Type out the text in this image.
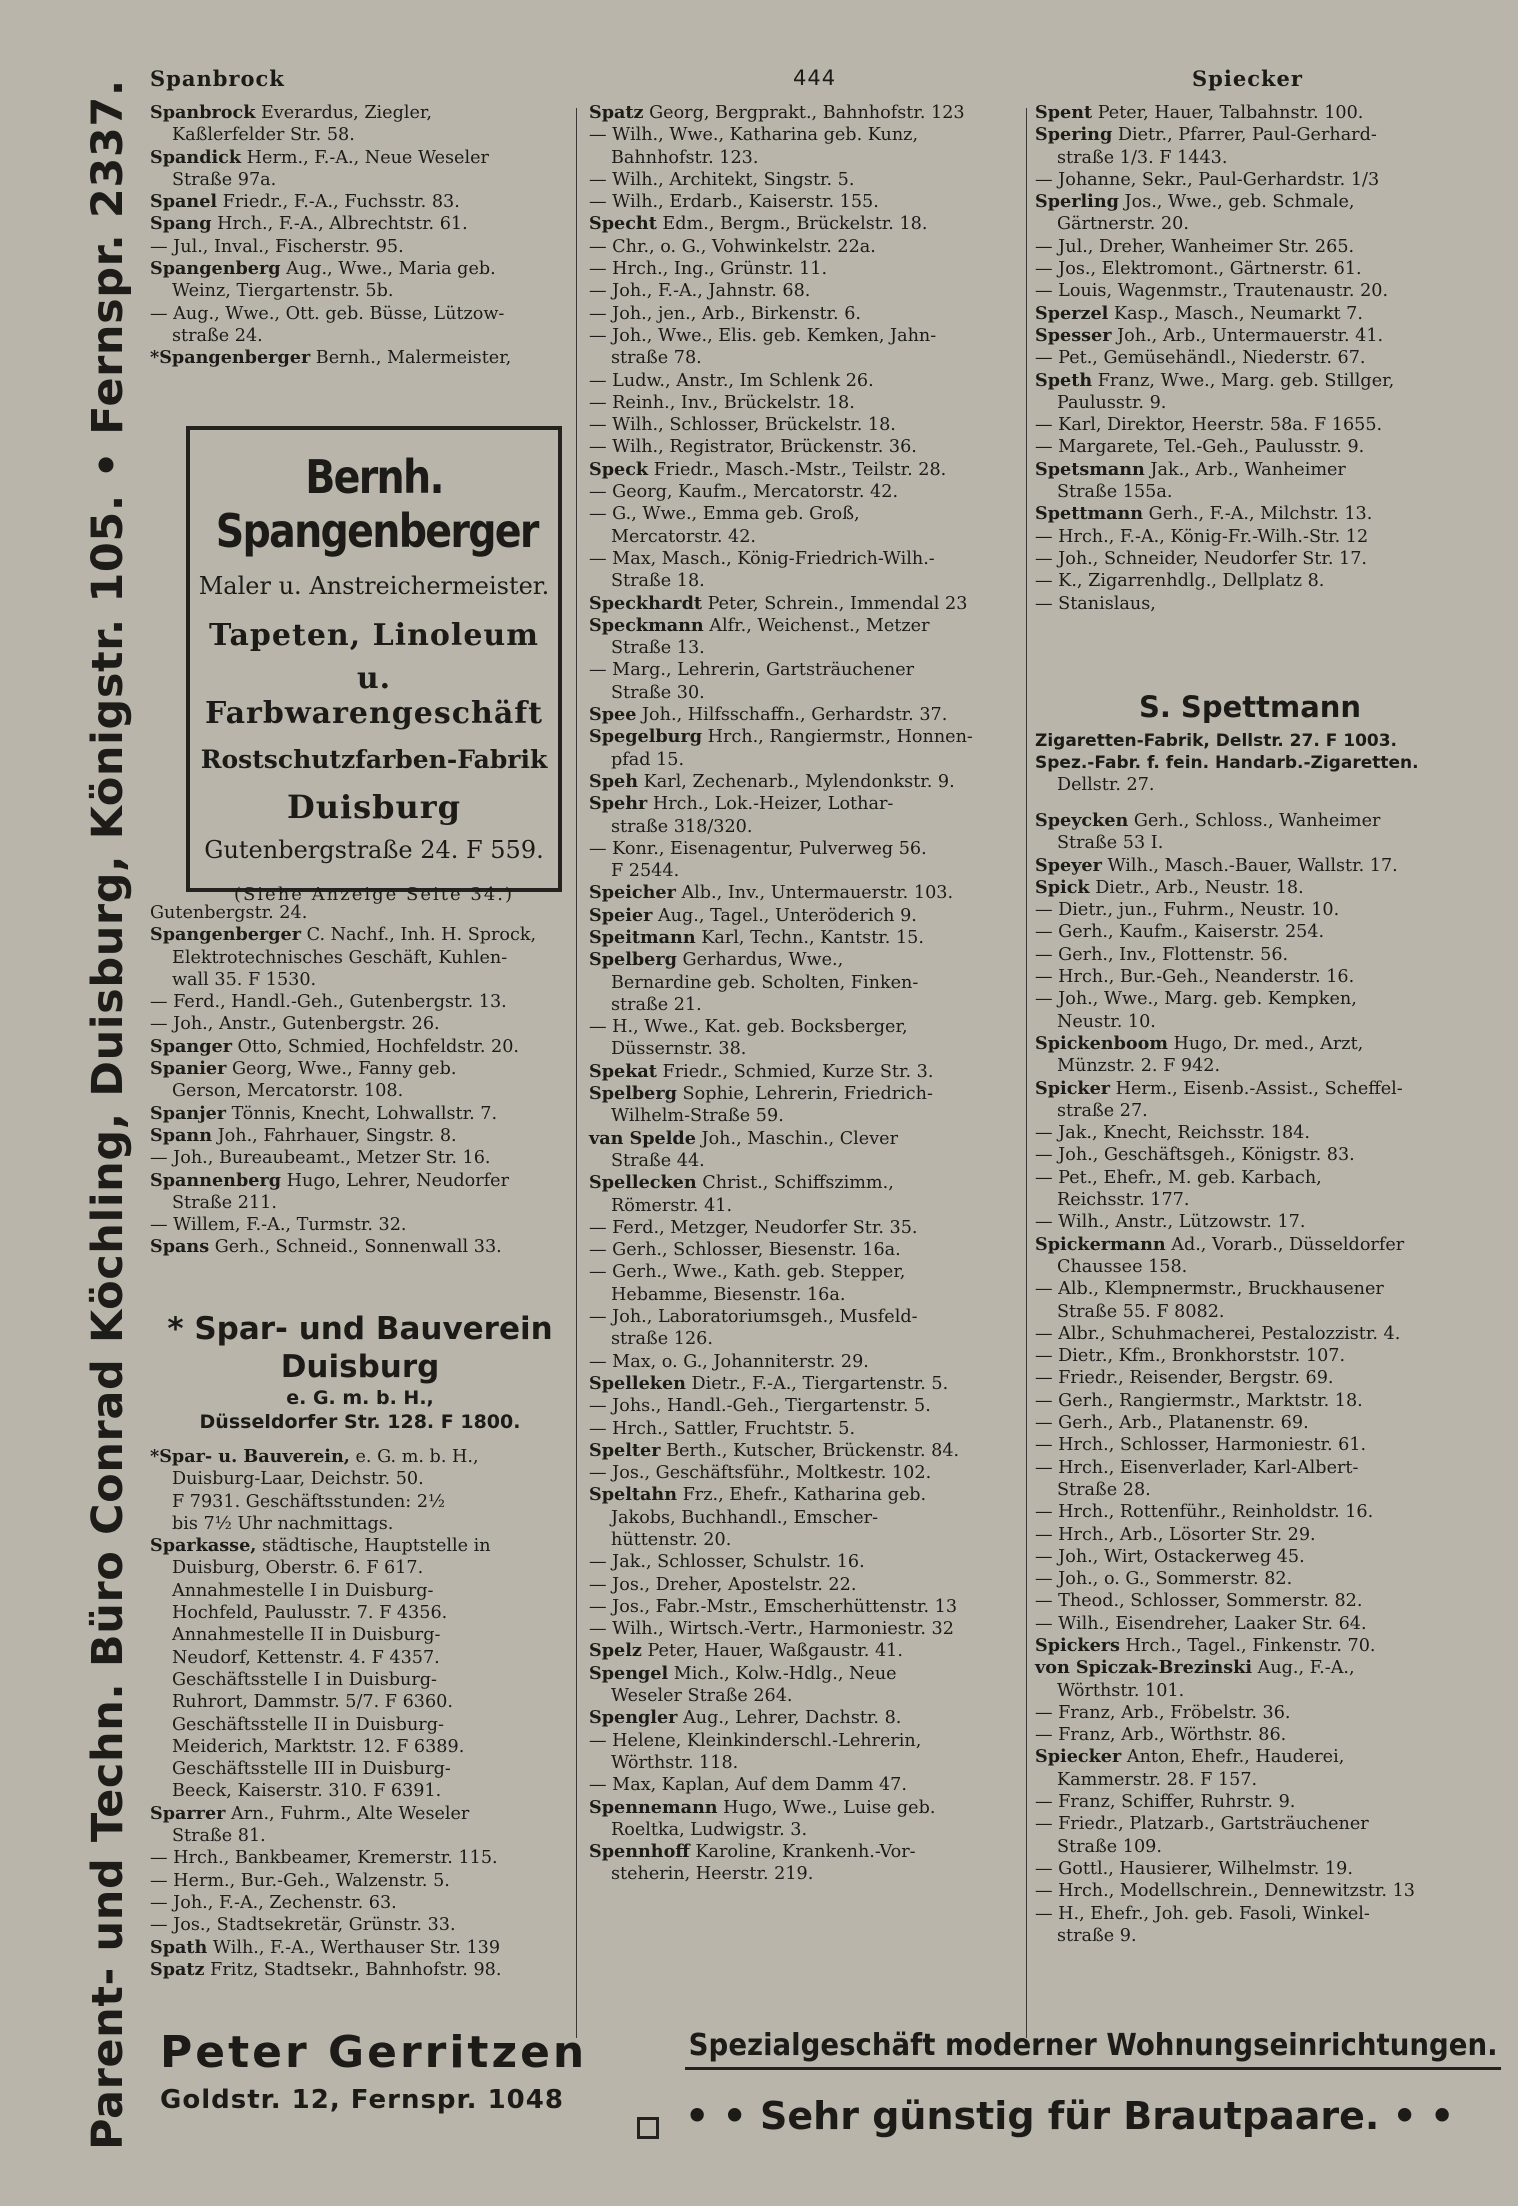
Parent- und Techn. Büro Conrad Köchling, Duisburg, Königstr. 105. • Fernspr. 2337.
Spanbrock	444	Spiecker
Spanbrock Everardus, Ziegler,
Kaßlerfelder Str. 58.
Spandick Herm., F.-A., Neue Weseler
Straße 97a.
Spanel Friedr., F.-A., Fuchsstr. 83.
Spang Hrch., F.-A., Albrechtstr. 61.
— Jul., Inval., Fischerstr. 95.
Spangenberg Aug., Wwe., Maria geb.
Weinz, Tiergartenstr. 5b.
— Aug., Wwe., Ott. geb. Büsse, Lützow-
straße 24.
*Spangenberger Bernh., Malermeister,
Bernh. Spangenberger
Maler u. Anstreichermeister.
Tapeten, Linoleum
u. Farbwarengeschäft
Rostschutzfarben-Fabrik
Duisburg
Gutenbergstraße 24. F 559.
(Siehe Anzeige Seite 34.)
Gutenbergstr. 24.
Spangenberger C. Nachf., Inh. H. Sprock,
Elektrotechnisches Geschäft, Kuhlen-
wall 35. F 1530.
— Ferd., Handl.-Geh., Gutenbergstr. 13.
— Joh., Anstr., Gutenbergstr. 26.
Spanger Otto, Schmied, Hochfeldstr. 20.
Spanier Georg, Wwe., Fanny geb.
Gerson, Mercatorstr. 108.
Spanjer Tönnis, Knecht, Lohwallstr. 7.
Spann Joh., Fahrhauer, Singstr. 8.
— Joh., Bureaubeamt., Metzer Str. 16.
Spannenberg Hugo, Lehrer, Neudorfer
Straße 211.
— Willem, F.-A., Turmstr. 32.
Spans Gerh., Schneid., Sonnenwall 33.
* Spar- und Bauverein
Duisburg
e. G. m. b. H.,
Düsseldorfer Str. 128. F 1800.
*Spar- u. Bauverein, e. G. m. b. H.,
Duisburg-Laar, Deichstr. 50.
F 7931. Geschäftsstunden: 2½
bis 7½ Uhr nachmittags.
Sparkasse, städtische, Hauptstelle in
Duisburg, Oberstr. 6. F 617.
Annahmestelle I in Duisburg-
Hochfeld, Paulusstr. 7. F 4356.
Annahmestelle II in Duisburg-
Neudorf, Kettenstr. 4. F 4357.
Geschäftsstelle I in Duisburg-
Ruhrort, Dammstr. 5/7. F 6360.
Geschäftsstelle II in Duisburg-
Meiderich, Marktstr. 12. F 6389.
Geschäftsstelle III in Duisburg-
Beeck, Kaiserstr. 310. F 6391.
Sparrer Arn., Fuhrm., Alte Weseler
Straße 81.
— Hrch., Bankbeamer, Kremerstr. 115.
— Herm., Bur.-Geh., Walzenstr. 5.
— Joh., F.-A., Zechenstr. 63.
— Jos., Stadtsekretär, Grünstr. 33.
Spath Wilh., F.-A., Werthauser Str. 139
Spatz Fritz, Stadtsekr., Bahnhofstr. 98.
Spatz Georg, Bergprakt., Bahnhofstr. 123
— Wilh., Wwe., Katharina geb. Kunz,
Bahnhofstr. 123.
— Wilh., Architekt, Singstr. 5.
— Wilh., Erdarb., Kaiserstr. 155.
Specht Edm., Bergm., Brückelstr. 18.
— Chr., o. G., Vohwinkelstr. 22a.
— Hrch., Ing., Grünstr. 11.
— Joh., F.-A., Jahnstr. 68.
— Joh., jen., Arb., Birkenstr. 6.
— Joh., Wwe., Elis. geb. Kemken, Jahn-
straße 78.
— Ludw., Anstr., Im Schlenk 26.
— Reinh., Inv., Brückelstr. 18.
— Wilh., Schlosser, Brückelstr. 18.
— Wilh., Registrator, Brückenstr. 36.
Speck Friedr., Masch.-Mstr., Teilstr. 28.
— Georg, Kaufm., Mercatorstr. 42.
— G., Wwe., Emma geb. Groß,
Mercatorstr. 42.
— Max, Masch., König-Friedrich-Wilh.-
Straße 18.
Speckhardt Peter, Schrein., Immendal 23
Speckmann Alfr., Weichenst., Metzer
Straße 13.
— Marg., Lehrerin, Gartsträuchener
Straße 30.
Spee Joh., Hilfsschaffn., Gerhardstr. 37.
Spegelburg Hrch., Rangiermstr., Honnen-
pfad 15.
Speh Karl, Zechenarb., Mylendonkstr. 9.
Spehr Hrch., Lok.-Heizer, Lothar-
straße 318/320.
— Konr., Eisenagentur, Pulverweg 56.
F 2544.
Speicher Alb., Inv., Untermauerstr. 103.
Speier Aug., Tagel., Unteröderich 9.
Speitmann Karl, Techn., Kantstr. 15.
Spelberg Gerhardus, Wwe.,
Bernardine geb. Scholten, Finken-
straße 21.
— H., Wwe., Kat. geb. Bocksberger,
Düssernstr. 38.
Spekat Friedr., Schmied, Kurze Str. 3.
Spelberg Sophie, Lehrerin, Friedrich-
Wilhelm-Straße 59.
van Spelde Joh., Maschin., Clever
Straße 44.
Spellecken Christ., Schiffszimm.,
Römerstr. 41.
— Ferd., Metzger, Neudorfer Str. 35.
— Gerh., Schlosser, Biesenstr. 16a.
— Gerh., Wwe., Kath. geb. Stepper,
Hebamme, Biesenstr. 16a.
— Joh., Laboratoriumsgeh., Musfeld-
straße 126.
— Max, o. G., Johanniterstr. 29.
Spelleken Dietr., F.-A., Tiergartenstr. 5.
— Johs., Handl.-Geh., Tiergartenstr. 5.
— Hrch., Sattler, Fruchtstr. 5.
Spelter Berth., Kutscher, Brückenstr. 84.
— Jos., Geschäftsführ., Moltkestr. 102.
Speltahn Frz., Ehefr., Katharina geb.
Jakobs, Buchhandl., Emscher-
hüttenstr. 20.
— Jak., Schlosser, Schulstr. 16.
— Jos., Dreher, Apostelstr. 22.
— Jos., Fabr.-Mstr., Emscherhüttenstr. 13
— Wilh., Wirtsch.-Vertr., Harmoniestr. 32
Spelz Peter, Hauer, Waßgaustr. 41.
Spengel Mich., Kolw.-Hdlg., Neue
Weseler Straße 264.
Spengler Aug., Lehrer, Dachstr. 8.
— Helene, Kleinkinderschl.-Lehrerin,
Wörthstr. 118.
— Max, Kaplan, Auf dem Damm 47.
Spennemann Hugo, Wwe., Luise geb.
Roeltka, Ludwigstr. 3.
Spennhoff Karoline, Krankenh.-Vor-
steherin, Heerstr. 219.
Spent Peter, Hauer, Talbahnstr. 100.
Spering Dietr., Pfarrer, Paul-Gerhard-
straße 1/3. F 1443.
— Johanne, Sekr., Paul-Gerhardstr. 1/3
Sperling Jos., Wwe., geb. Schmale,
Gärtnerstr. 20.
— Jul., Dreher, Wanheimer Str. 265.
— Jos., Elektromont., Gärtnerstr. 61.
— Louis, Wagenmstr., Trautenaustr. 20.
Sperzel Kasp., Masch., Neumarkt 7.
Spesser Joh., Arb., Untermauerstr. 41.
— Pet., Gemüsehändl., Niederstr. 67.
Speth Franz, Wwe., Marg. geb. Stillger,
Paulusstr. 9.
— Karl, Direktor, Heerstr. 58a. F 1655.
— Margarete, Tel.-Geh., Paulusstr. 9.
Spetsmann Jak., Arb., Wanheimer
Straße 155a.
Spettmann Gerh., F.-A., Milchstr. 13.
— Hrch., F.-A., König-Fr.-Wilh.-Str. 12
— Joh., Schneider, Neudorfer Str. 17.
— K., Zigarrenhdlg., Dellplatz 8.
— Stanislaus,
S. Spettmann
Zigaretten-Fabrik, Dellstr. 27. F 1003.
Spez.-Fabr. f. fein. Handarb.-Zigaretten.
Dellstr. 27.
Speycken Gerh., Schloss., Wanheimer
Straße 53 I.
Speyer Wilh., Masch.-Bauer, Wallstr. 17.
Spick Dietr., Arb., Neustr. 18.
— Dietr., jun., Fuhrm., Neustr. 10.
— Gerh., Kaufm., Kaiserstr. 254.
— Gerh., Inv., Flottenstr. 56.
— Hrch., Bur.-Geh., Neanderstr. 16.
— Joh., Wwe., Marg. geb. Kempken,
Neustr. 10.
Spickenboom Hugo, Dr. med., Arzt,
Münzstr. 2. F 942.
Spicker Herm., Eisenb.-Assist., Scheffel-
straße 27.
— Jak., Knecht, Reichsstr. 184.
— Joh., Geschäftsgeh., Königstr. 83.
— Pet., Ehefr., M. geb. Karbach,
Reichsstr. 177.
— Wilh., Anstr., Lützowstr. 17.
Spickermann Ad., Vorarb., Düsseldorfer
Chaussee 158.
— Alb., Klempnermstr., Bruckhausener
Straße 55. F 8082.
— Albr., Schuhmacherei, Pestalozzistr. 4.
— Dietr., Kfm., Bronkhorststr. 107.
— Friedr., Reisender, Bergstr. 69.
— Gerh., Rangiermstr., Marktstr. 18.
— Gerh., Arb., Platanenstr. 69.
— Hrch., Schlosser, Harmoniestr. 61.
— Hrch., Eisenverlader, Karl-Albert-
Straße 28.
— Hrch., Rottenführ., Reinholdstr. 16.
— Hrch., Arb., Lösorter Str. 29.
— Joh., Wirt, Ostackerweg 45.
— Joh., o. G., Sommerstr. 82.
— Theod., Schlosser, Sommerstr. 82.
— Wilh., Eisendreher, Laaker Str. 64.
Spickers Hrch., Tagel., Finkenstr. 70.
von Spiczak-Brezinski Aug., F.-A.,
Wörthstr. 101.
— Franz, Arb., Fröbelstr. 36.
— Franz, Arb., Wörthstr. 86.
Spiecker Anton, Ehefr., Hauderei,
Kammerstr. 28. F 157.
— Franz, Schiffer, Ruhrstr. 9.
— Friedr., Platzarb., Gartsträuchener
Straße 109.
— Gottl., Hausierer, Wilhelmstr. 19.
— Hrch., Modellschrein., Dennewitzstr. 13
— H., Ehefr., Joh. geb. Fasoli, Winkel-
straße 9.
Peter Gerritzen
Goldstr. 12, Fernspr. 1048
Spezialgeschäft moderner Wohnungseinrichtungen.
• • Sehr günstig für Brautpaare. • •
